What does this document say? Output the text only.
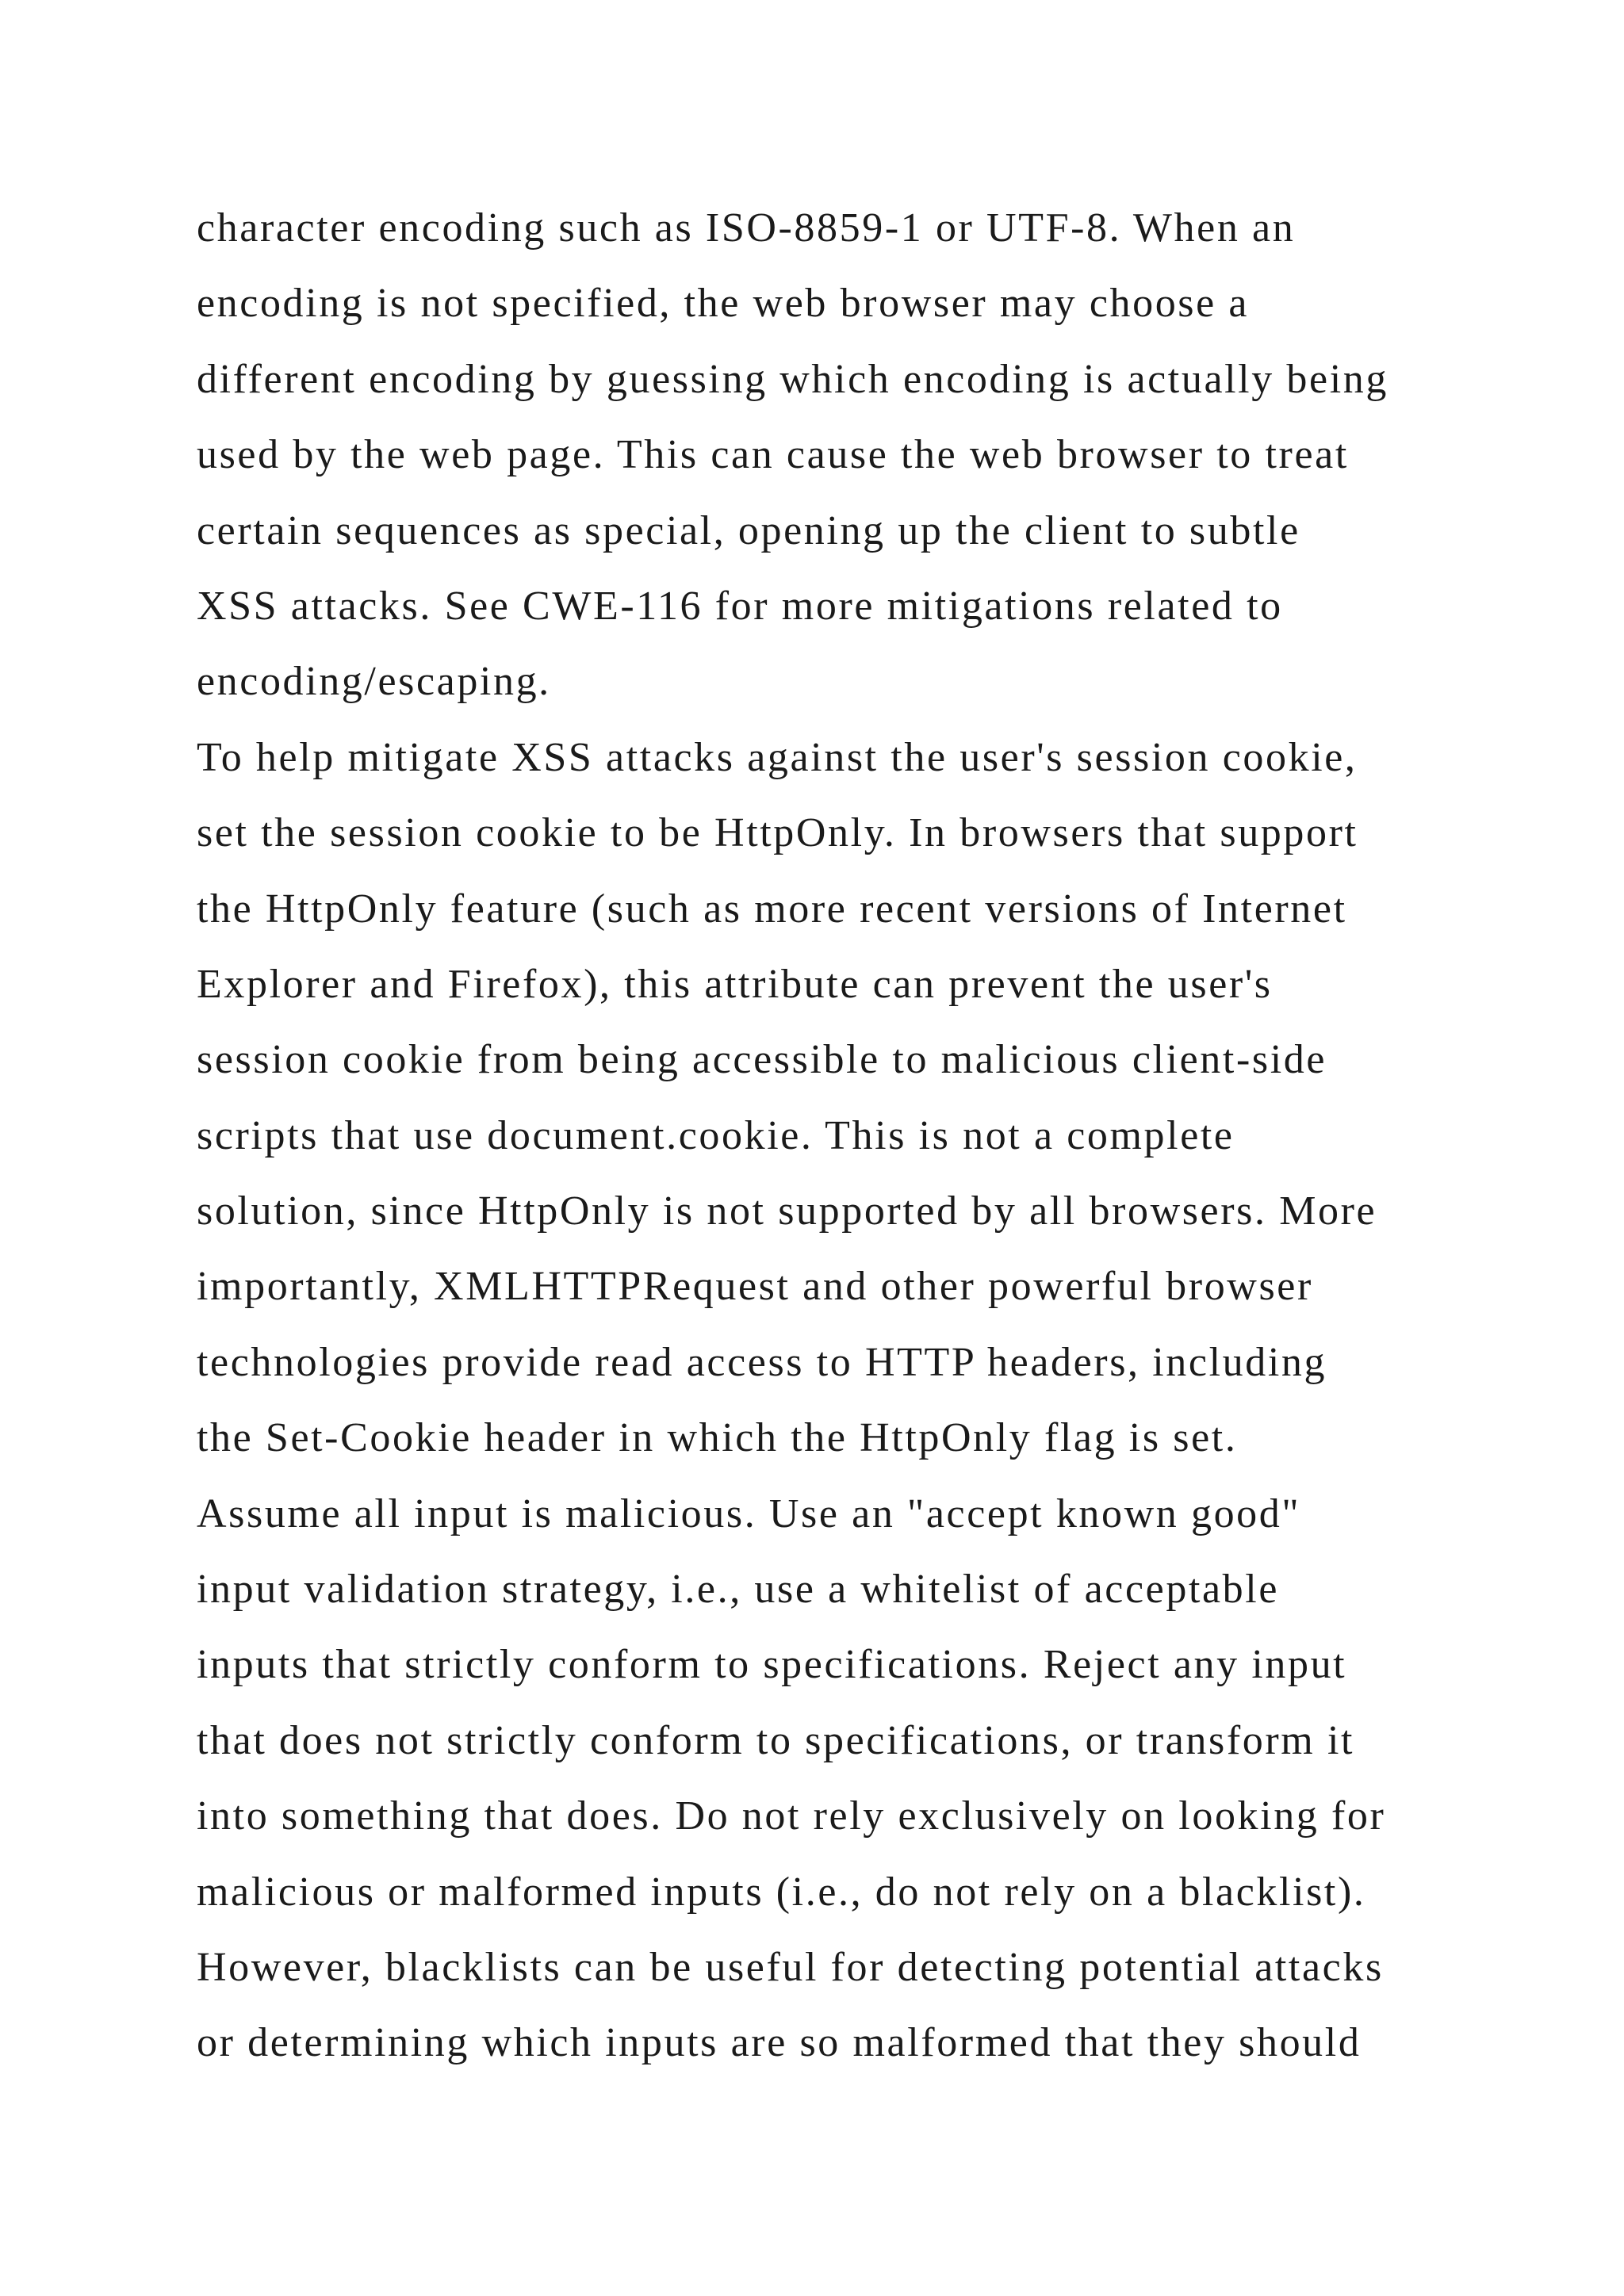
character encoding such as ISO-8859-1 or UTF-8. When an
encoding is not specified, the web browser may choose a
different encoding by guessing which encoding is actually being
used by the web page. This can cause the web browser to treat
certain sequences as special, opening up the client to subtle
XSS attacks. See CWE-116 for more mitigations related to
encoding/escaping.
To help mitigate XSS attacks against the user's session cookie,
set the session cookie to be HttpOnly. In browsers that support
the HttpOnly feature (such as more recent versions of Internet
Explorer and Firefox), this attribute can prevent the user's
session cookie from being accessible to malicious client-side
scripts that use document.cookie. This is not a complete
solution, since HttpOnly is not supported by all browsers. More
importantly, XMLHTTPRequest and other powerful browser
technologies provide read access to HTTP headers, including
the Set-Cookie header in which the HttpOnly flag is set.
Assume all input is malicious. Use an "accept known good"
input validation strategy, i.e., use a whitelist of acceptable
inputs that strictly conform to specifications. Reject any input
that does not strictly conform to specifications, or transform it
into something that does. Do not rely exclusively on looking for
malicious or malformed inputs (i.e., do not rely on a blacklist).
However, blacklists can be useful for detecting potential attacks
or determining which inputs are so malformed that they should
